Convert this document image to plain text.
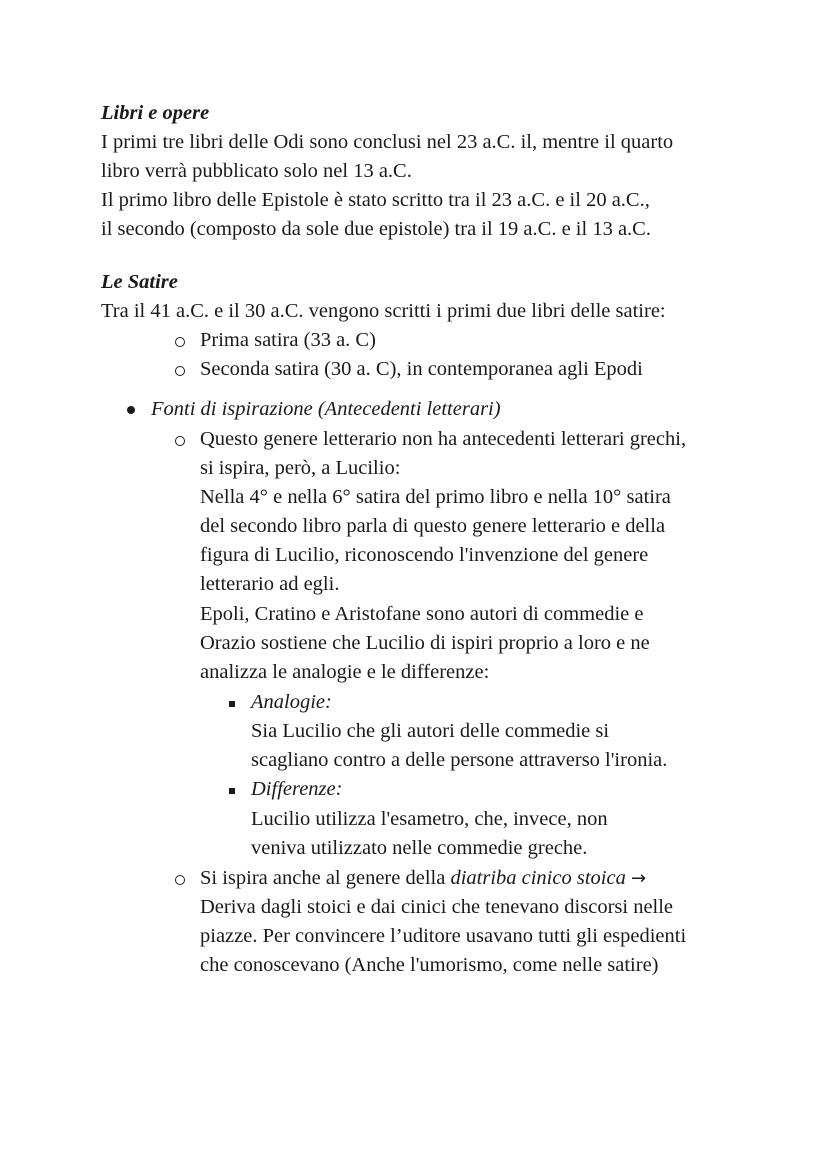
Libri e opere
I primi tre libri delle Odi sono conclusi nel 23 a.C. il, mentre il quarto
libro verrà pubblicato solo nel 13 a.C.
Il primo libro delle Epistole è stato scritto tra il 23 a.C. e il 20 a.C.,
il secondo (composto da sole due epistole) tra il 19 a.C. e il 13 a.C.
Le Satire
Tra il 41 a.C. e il 30 a.C. vengono scritti i primi due libri delle satire:
Prima satira (33 a. C)
Seconda satira (30 a. C), in contemporanea agli Epodi
Fonti di ispirazione (Antecedenti letterari)
Questo genere letterario non ha antecedenti letterari grechi,
si ispira, però, a Lucilio:
Nella 4° e nella 6° satira del primo libro e nella 10° satira
del secondo libro parla di questo genere letterario e della
figura di Lucilio, riconoscendo l'invenzione del genere
letterario ad egli.
Epoli, Cratino e Aristofane sono autori di commedie e
Orazio sostiene che Lucilio di ispiri proprio a loro e ne
analizza le analogie e le differenze:
Analogie:
Sia Lucilio che gli autori delle commedie si
scagliano contro a delle persone attraverso l'ironia.
Differenze:
Lucilio utilizza l'esametro, che, invece, non
veniva utilizzato nelle commedie greche.
Si ispira anche al genere della diatriba cinico stoica →
Deriva dagli stoici e dai cinici che tenevano discorsi nelle
piazze. Per convincere l’uditore usavano tutti gli espedienti
che conoscevano (Anche l'umorismo, come nelle satire)
